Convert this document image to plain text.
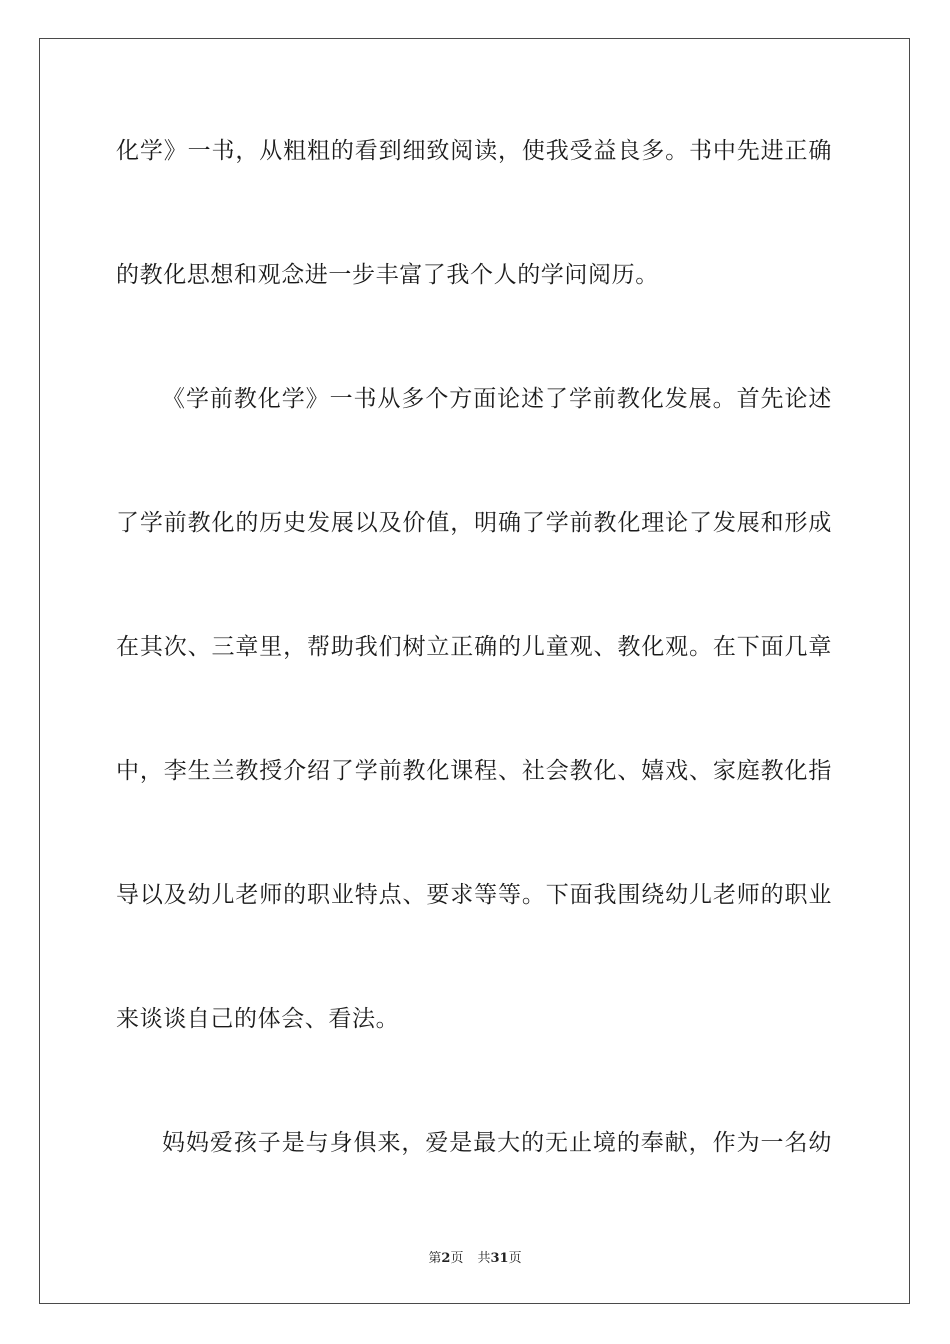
化学》一书，从粗粗的看到细致阅读，使我受益良多。书中先进正确
的教化思想和观念进一步丰富了我个人的学问阅历。
《学前教化学》一书从多个方面论述了学前教化发展。首先论述
了学前教化的历史发展以及价值，明确了学前教化理论了发展和形成
在其次、三章里，帮助我们树立正确的儿童观、教化观。在下面几章
中，李生兰教授介绍了学前教化课程、社会教化、嬉戏、家庭教化指
导以及幼儿老师的职业特点、要求等等。下面我围绕幼儿老师的职业
来谈谈自己的体会、看法。
妈妈爱孩子是与身俱来，爱是最大的无止境的奉献，作为一名幼
第2页 共31页
